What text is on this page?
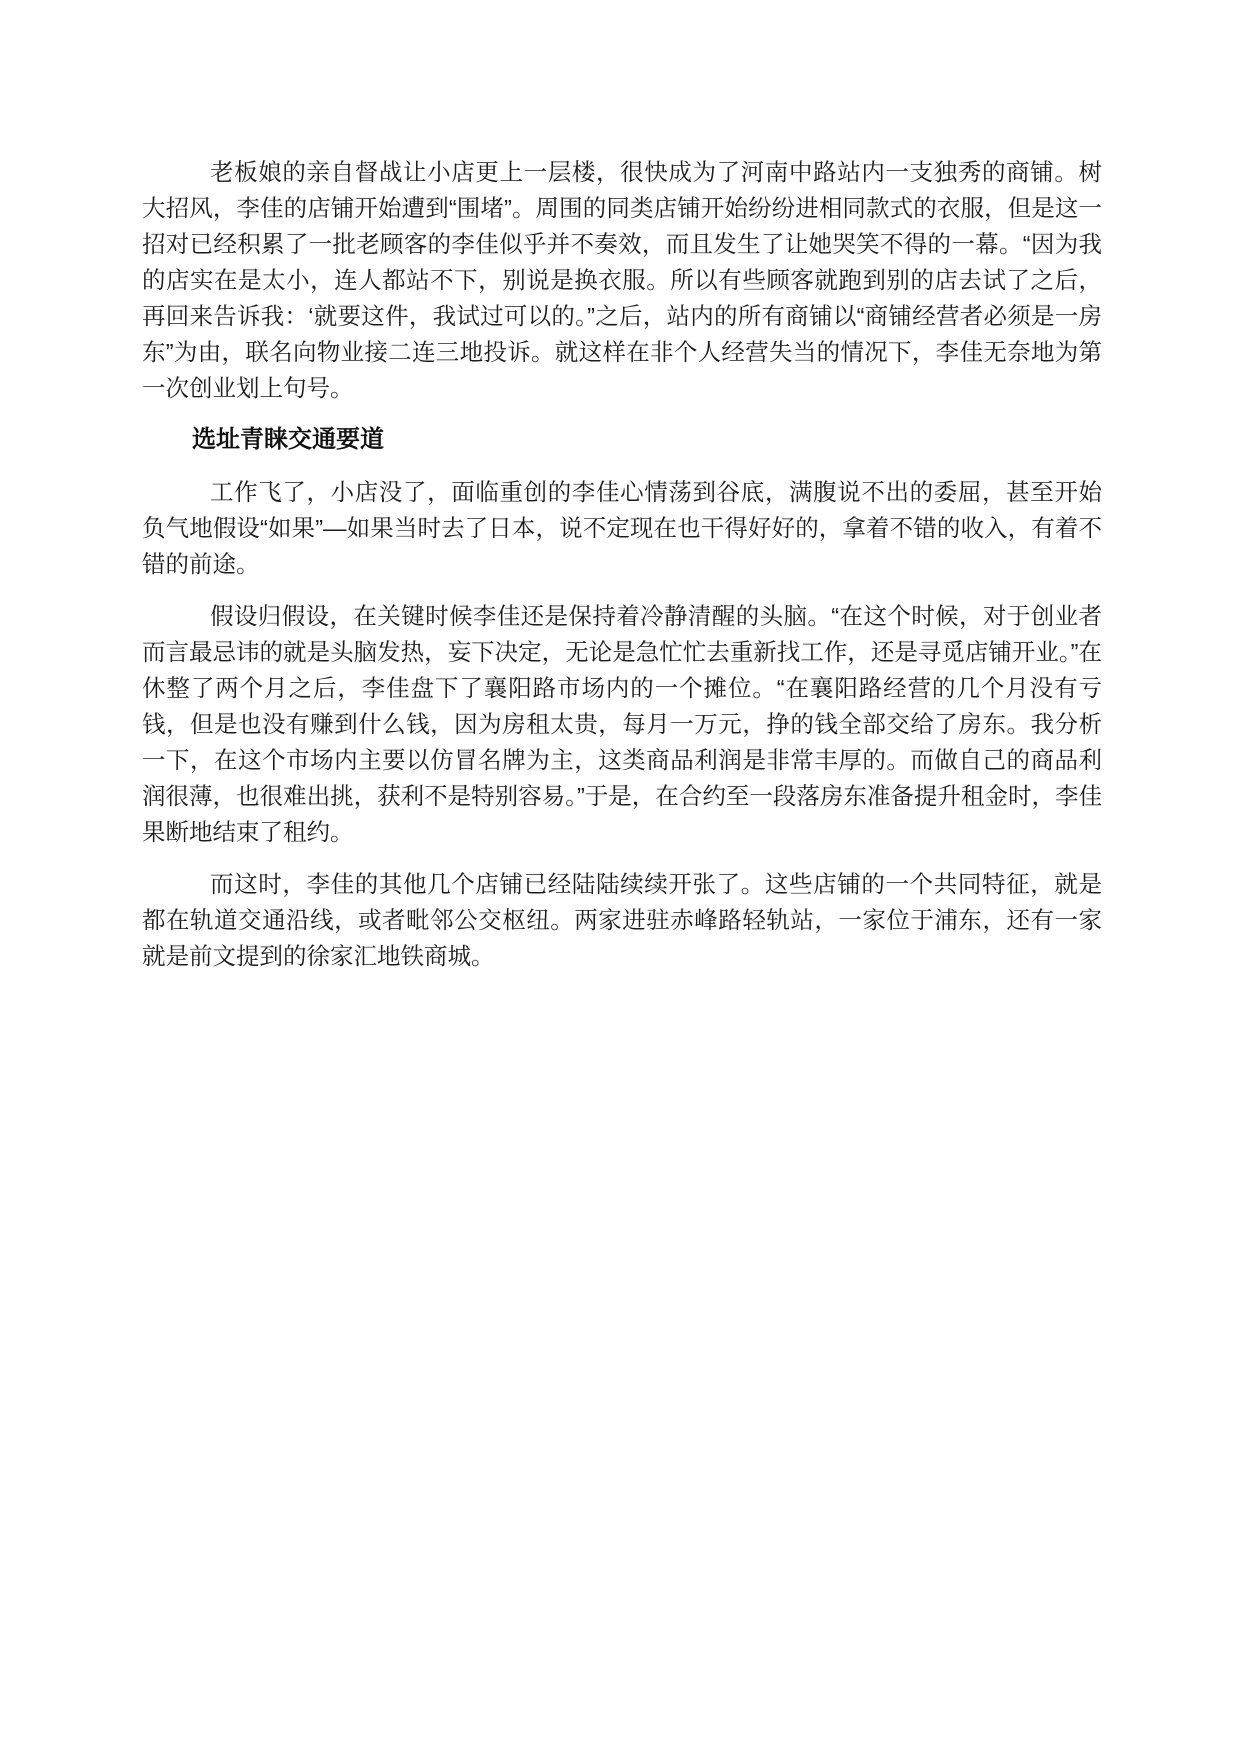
老板娘的亲自督战让小店更上一层楼，很快成为了河南中路站内一支独秀的商铺。树大招风，李佳的店铺开始遭到“围堵”。周围的同类店铺开始纷纷进相同款式的衣服，但是这一招对已经积累了一批老顾客的李佳似乎并不奏效，而且发生了让她哭笑不得的一幕。“因为我的店实在是太小，连人都站不下，别说是换衣服。所以有些顾客就跑到别的店去试了之后，再回来告诉我：‘就要这件，我试过可以的。”之后，站内的所有商铺以“商铺经营者必须是一房东”为由，联名向物业接二连三地投诉。就这样在非个人经营失当的情况下，李佳无奈地为第一次创业划上句号。

选址青睐交通要道

工作飞了，小店没了，面临重创的李佳心情荡到谷底，满腹说不出的委屈，甚至开始负气地假设“如果”—如果当时去了日本，说不定现在也干得好好的，拿着不错的收入，有着不错的前途。

假设归假设，在关键时候李佳还是保持着冷静清醒的头脑。“在这个时候，对于创业者而言最忌讳的就是头脑发热，妄下决定，无论是急忙忙去重新找工作，还是寻觅店铺开业。”在休整了两个月之后，李佳盘下了襄阳路市场内的一个摊位。“在襄阳路经营的几个月没有亏钱，但是也没有赚到什么钱，因为房租太贵，每月一万元，挣的钱全部交给了房东。我分析一下，在这个市场内主要以仿冒名牌为主，这类商品利润是非常丰厚的。而做自己的商品利润很薄，也很难出挑，获利不是特别容易。”于是，在合约至一段落房东准备提升租金时，李佳果断地结束了租约。

而这时，李佳的其他几个店铺已经陆陆续续开张了。这些店铺的一个共同特征，就是都在轨道交通沿线，或者毗邻公交枢纽。两家进驻赤峰路轻轨站，一家位于浦东，还有一家就是前文提到的徐家汇地铁商城。
